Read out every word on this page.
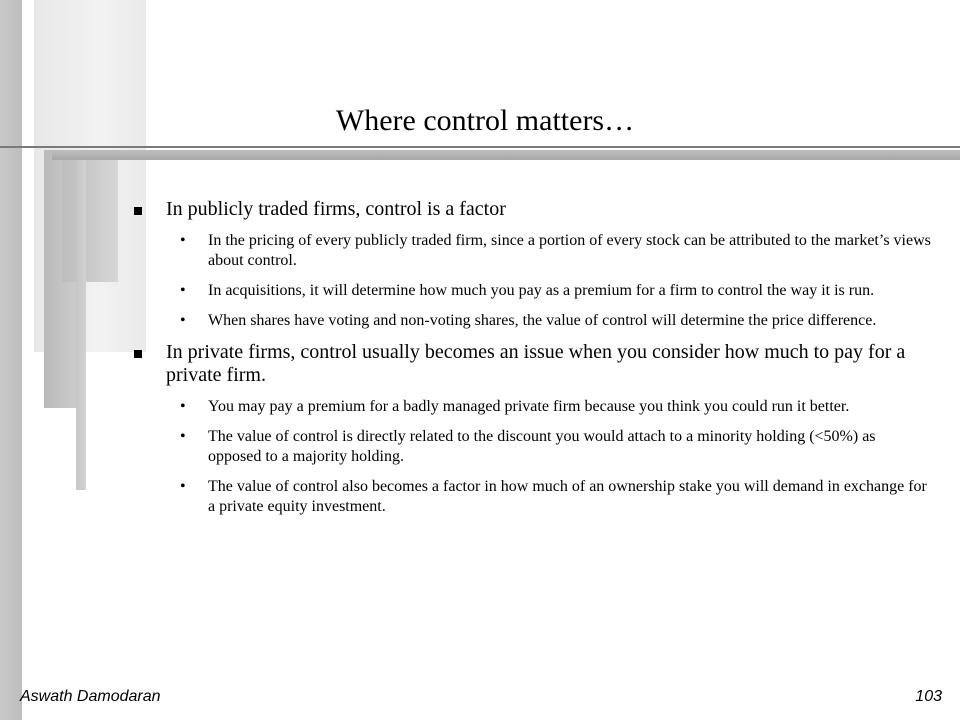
Where control matters…
In publicly traded firms, control is a factor
• In the pricing of every publicly traded firm, since a portion of every stock can be attributed to the market’s views about control.
• In acquisitions, it will determine how much you pay as a premium for a firm to control the way it is run.
• When shares have voting and non-voting shares, the value of control will determine the price difference.
In private firms, control usually becomes an issue when you consider how much to pay for a private firm.
• You may pay a premium for a badly managed private firm because you think you could run it better.
• The value of control is directly related to the discount you would attach to a minority holding (<50%) as opposed to a majority holding.
• The value of control also becomes a factor in how much of an ownership stake you will demand in exchange for a private equity investment.
Aswath Damodaran	103
